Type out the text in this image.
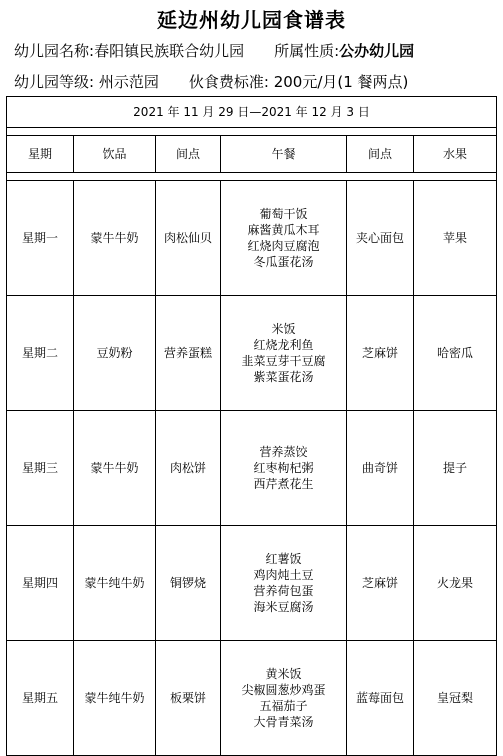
延边州幼儿园食谱表
幼儿园名称:春阳镇民族联合幼儿园 所属性质:公办幼儿园
幼儿园等级: 州示范园 伙食费标准: 200元/月(1 餐两点)
2021 年 11 月 29 日—2021 年 12 月 3 日					

星期	饮品	间点	午餐	间点	水果

星期一	蒙牛牛奶	肉松仙贝	葡萄干饭
麻酱黄瓜木耳
红烧肉豆腐泡
冬瓜蛋花汤	夹心面包	苹果
星期二	豆奶粉	营养蛋糕	米饭
红烧龙利鱼
韭菜豆芽干豆腐
紫菜蛋花汤	芝麻饼	哈密瓜
星期三	蒙牛牛奶	肉松饼	营养蒸饺
红枣枸杞粥
西芹煮花生	曲奇饼	提子
星期四	蒙牛纯牛奶	铜锣烧	红薯饭
鸡肉炖土豆
营养荷包蛋
海米豆腐汤	芝麻饼	火龙果
星期五	蒙牛纯牛奶	板栗饼	黄米饭
尖椒圆葱炒鸡蛋
五福茄子
大骨青菜汤	蓝莓面包	皇冠梨
